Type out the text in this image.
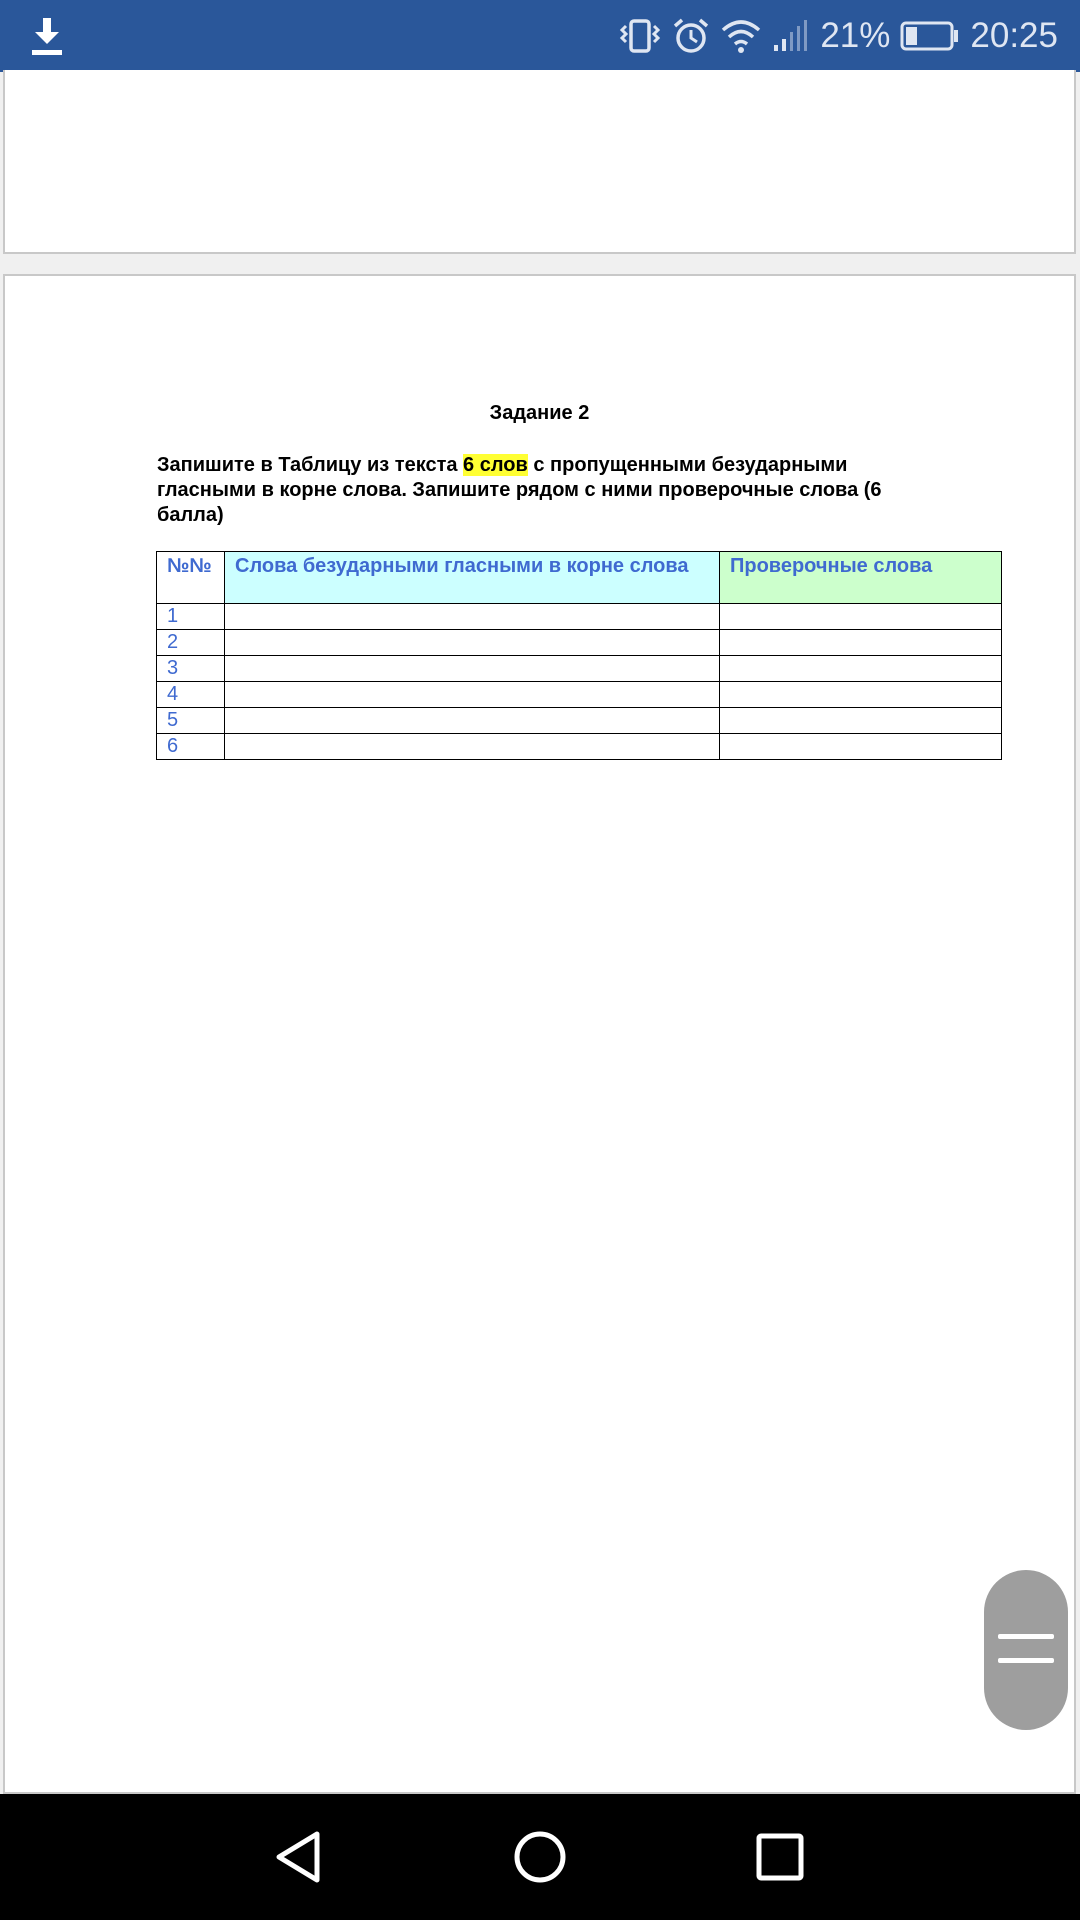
21% 20:25
Задание 2
Запишите в Таблицу из текста 6 слов с пропущенными безударными гласными в корне слова. Запишите рядом с ними проверочные слова (6 балла)
№№	Слова безударными гласными в корне слова	Проверочные слова
1		
2		
3		
4		
5		
6		
